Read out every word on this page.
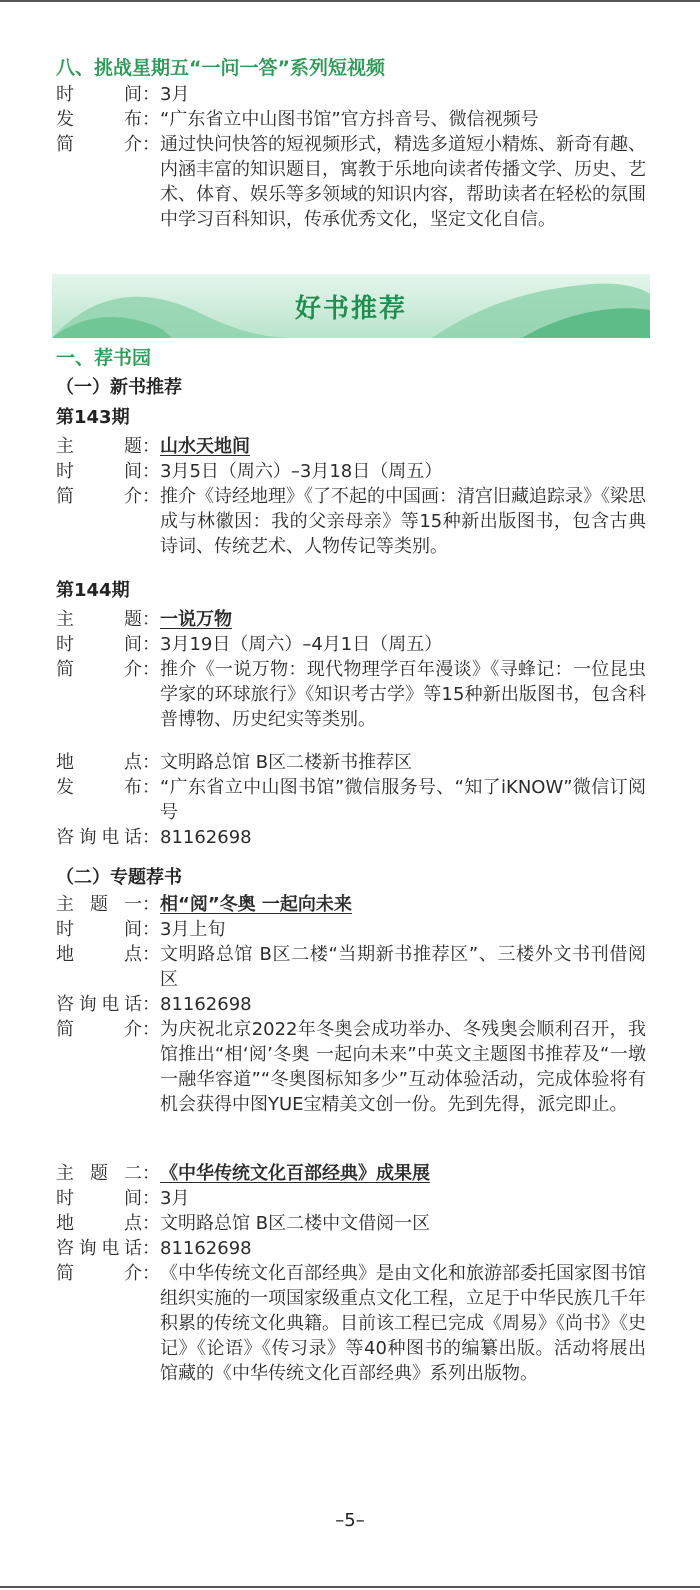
八、挑战星期五“一问一答”系列短视频
时	间 ： 3月
发	布 ： “广东省立中山图书馆”官方抖音号、微信视频号
简	介 ： 通过快问快答的短视频形式，精选多道短小精炼、新奇有趣、内涵丰富的知识题目，寓教于乐地向读者传播文学、历史、艺术、体育、娱乐等多领域的知识内容，帮助读者在轻松的氛围中学习百科知识，传承优秀文化，坚定文化自信。
好书推荐
一、荐书园
（一）新书推荐
第143期
主	题 ： 山水天地间
时	间 ： 3月5日（周六）–3月18日（周五）
简	介 ： 推介《诗经地理》《了不起的中国画：清宫旧藏追踪录》《梁思成与林徽因：我的父亲母亲》等15种新出版图书，包含古典诗词、传统艺术、人物传记等类别。
第144期
主	题 ： 一说万物
时	间 ： 3月19日（周六）–4月1日（周五）
简	介 ： 推介《一说万物：现代物理学百年漫谈》《寻蜂记：一位昆虫学家的环球旅行》《知识考古学》等15种新出版图书，包含科普博物、历史纪实等类别。
地	点 ： 文明路总馆 B区二楼新书推荐区
发	布 ： “广东省立中山图书馆”微信服务号、“知了iKNOW”微信订阅号
咨 询 电 话 ： 81162698
（二）专题荐书
主 题 一 ： 相“阅”冬奥 一起向未来
时	间 ： 3月上旬
地	点 ： 文明路总馆 B区二楼“当期新书推荐区”、三楼外文书刊借阅区
咨 询 电 话 ： 81162698
简	介 ： 为庆祝北京2022年冬奥会成功举办、冬残奥会顺利召开，我馆推出“相‘阅’冬奥 一起向未来”中英文主题图书推荐及“一墩一融华容道”“冬奥图标知多少”互动体验活动，完成体验将有机会获得中图YUE宝精美文创一份。先到先得，派完即止。
主 题 二 ： 《中华传统文化百部经典》成果展
时	间 ： 3月
地	点 ： 文明路总馆 B区二楼中文借阅一区
咨 询 电 话 ： 81162698
简	介 ： 《中华传统文化百部经典》是由文化和旅游部委托国家图书馆组织实施的一项国家级重点文化工程，立足于中华民族几千年积累的传统文化典籍。目前该工程已完成《周易》《尚书》《史记》《论语》《传习录》等40种图书的编纂出版。活动将展出馆藏的《中华传统文化百部经典》系列出版物。
–5–
